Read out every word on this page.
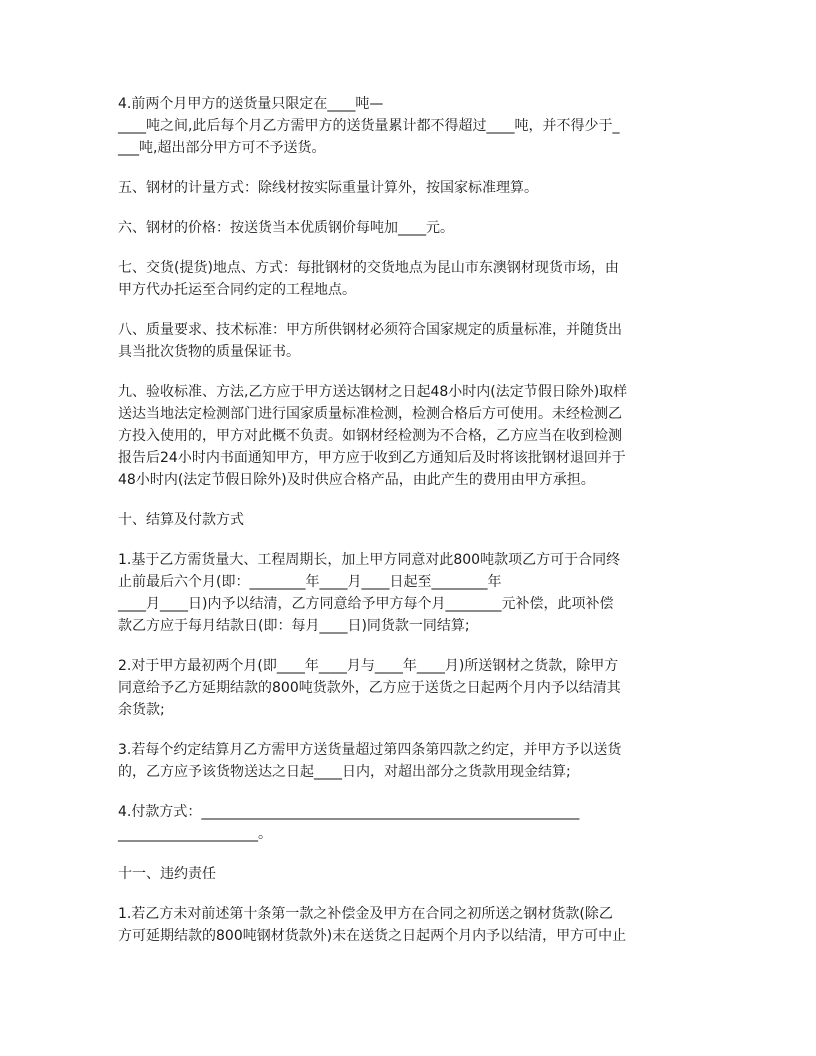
4.前两个月甲方的送货量只限定在____吨—
____吨之间,此后每个月乙方需甲方的送货量累计都不得超过____吨，并不得少于_
___吨,超出部分甲方可不予送货。
五、钢材的计量方式：除线材按实际重量计算外，按国家标准理算。
六、钢材的价格：按送货当本优质钢价每吨加____元。
七、交货(提货)地点、方式：每批钢材的交货地点为昆山市东澳钢材现货市场，由
甲方代办托运至合同约定的工程地点。
八、质量要求、技术标准：甲方所供钢材必须符合国家规定的质量标准，并随货出
具当批次货物的质量保证书。
九、验收标准、方法,乙方应于甲方送达钢材之日起48小时内(法定节假日除外)取样
送达当地法定检测部门进行国家质量标准检测，检测合格后方可使用。未经检测乙
方投入使用的，甲方对此概不负责。如钢材经检测为不合格，乙方应当在收到检测
报告后24小时内书面通知甲方，甲方应于收到乙方通知后及时将该批钢材退回并于
48小时内(法定节假日除外)及时供应合格产品，由此产生的费用由甲方承担。
十、结算及付款方式
1.基于乙方需货量大、工程周期长，加上甲方同意对此800吨款项乙方可于合同终
止前最后六个月(即：________年____月____日起至________年
____月____日)内予以结清，乙方同意给予甲方每个月________元补偿，此项补偿
款乙方应于每月结款日(即：每月____日)同货款一同结算;
2.对于甲方最初两个月(即____年____月与____年____月)所送钢材之货款，除甲方
同意给予乙方延期结款的800吨货款外，乙方应于送货之日起两个月内予以结清其
余货款;
3.若每个约定结算月乙方需甲方送货量超过第四条第四款之约定，并甲方予以送货
的，乙方应予该货物送达之日起____日内，对超出部分之货款用现金结算;
4.付款方式：______________________________________________________
____________________。
十一、违约责任
1.若乙方未对前述第十条第一款之补偿金及甲方在合同之初所送之钢材货款(除乙
方可延期结款的800吨钢材货款外)未在送货之日起两个月内予以结清，甲方可中止
